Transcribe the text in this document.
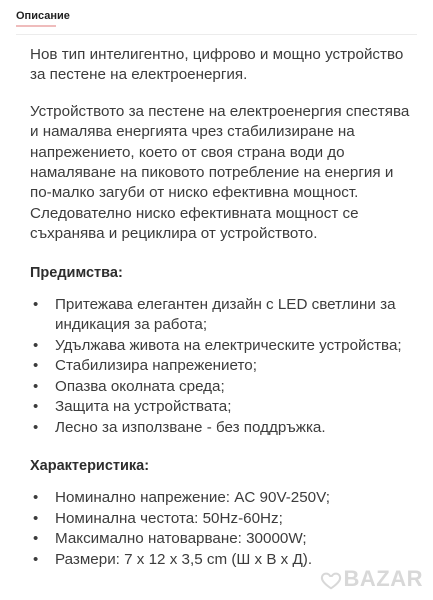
Описание

Нов тип интелигентно, цифрово и мощно устройство за пестене на електроенергия.

Устройството за пестене на електроенергия спестява и намалява енергията чрез стабилизиране на напрежението, което от своя страна води до намаляване на пиковото потребление на енергия и по-малко загуби от ниско ефективна мощност. Следователно ниско ефективната мощност се съхранява и рециклира от устройството.

Предимства:
• Притежава елегантен дизайн с LED светлини за индикация за работа;
• Удължава живота на електрическите устройства;
• Стабилизира напрежението;
• Опазва околната среда;
• Защита на устройствата;
• Лесно за използване - без поддръжка.
Характеристика:
• Номинално напрежение: AC 90V-250V;
• Номинална честота: 50Hz-60Hz;
• Максимално натоварване: 30000W;
• Размери: 7 x 12 x 3,5 cm (Ш x В x Д).
BAZAR
